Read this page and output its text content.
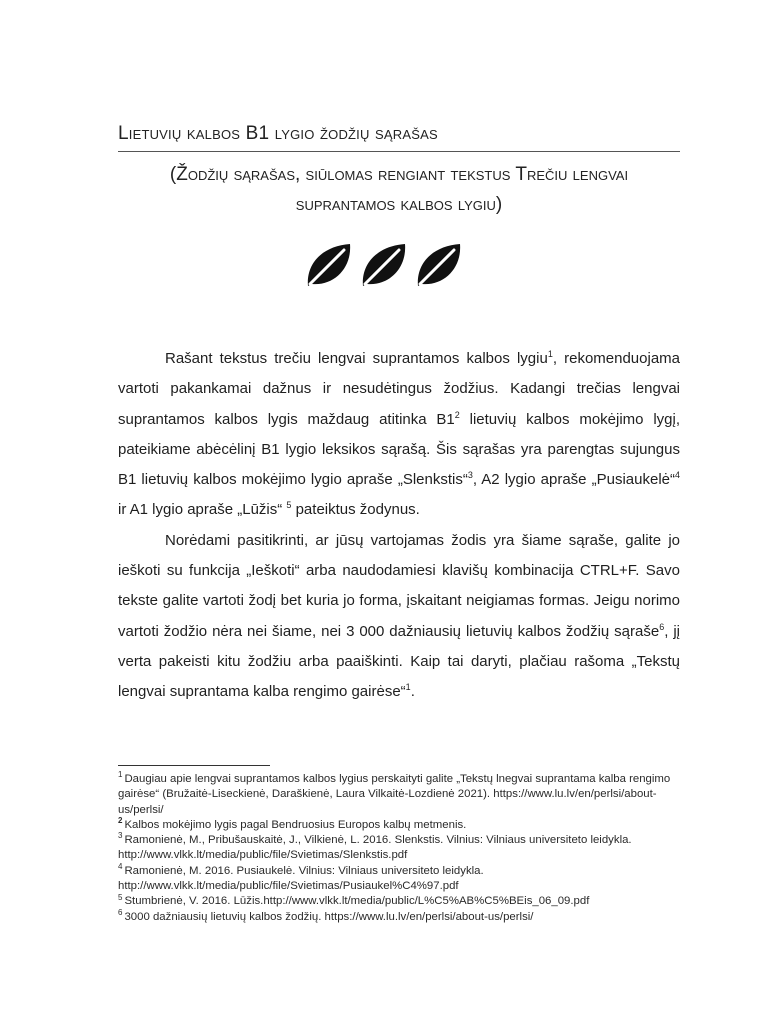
Lietuvių kalbos B1 lygio žodžių sąrašas
(Žodžių sąrašas, siūlomas rengiant tekstus Trečiu lengvai
suprantamos kalbos lygiu)

Rašant tekstus trečiu lengvai suprantamos kalbos lygiu$^1$, rekomenduojama vartoti pakankamai dažnus ir nesudėtingus žodžius. Kadangi trečias lengvai suprantamos kalbos lygis maždaug atitinka $B1^2$ lietuvių kalbos mokėjimo lygį, pateikiame abėcėlinį B1 lygio leksikos sąrašą. Šis sąrašas yra parengtas sujungus B1 lietuvių kalbos mokėjimo lygio apraše „Slenkstis“$^3$, A2 lygio apraše „Pusiaukelė“$^4$ ir A1 lygio apraše „Lūžis“ $^5$ pateiktus žodynus.

Norėdami pasitikrinti, ar jūsų vartojamas žodis yra šiame sąraše, galite jo ieškoti su funkcija „Ieškoti“ arba naudodamiesi klavišų kombinacija CTRL+F. Savo tekste galite vartoti žodį bet kuria jo forma, įskaitant neigiamas formas. Jeigu norimo vartoti žodžio nėra nei šiame, nei 3 000 dažniausių lietuvių kalbos žodžių sąraše$^6$, jį verta pakeisti kitu žodžiu arba paaiškinti. Kaip tai daryti, plačiau rašoma „Tekstų lengvai suprantama kalba rengimo gairėse“$^1$.

$^1$ Daugiau apie lengvai suprantamos kalbos lygius perskaityti galite „Tekstų lnegvai suprantama kalba rengimo gairėse“ (Bružaitė-Liseckienė, Daraškienė, Laura Vilkaitė-Lozdienė 2021). https://www.lu.lv/en/perlsi/about-us/perlsi/

$^2$ Kalbos mokėjimo lygis pagal Bendruosius Europos kalbų metmenis.

$^3$ Ramonienė, M., Pribušauskaitė, J., Vilkienė, L. 2016. Slenkstis. Vilnius: Vilniaus universiteto leidykla. http://www.vlkk.lt/media/public/file/Svietimas/Slenkstis.pdf

$^4$ Ramonienė, M. 2016. Pusiaukelė. Vilnius: Vilniaus universiteto leidykla. http://www.vlkk.lt/media/public/file/Svietimas/Pusiaukel%C4%97.pdf

$^5$ Stumbrienė, V. 2016. Lūžis.http://www.vlkk.lt/media/public/L%C5%AB%C5%BEis_06_09.pdf

$^6$ 3000 dažniausių lietuvių kalbos žodžių. https://www.lu.lv/en/perlsi/about-us/perlsi/
